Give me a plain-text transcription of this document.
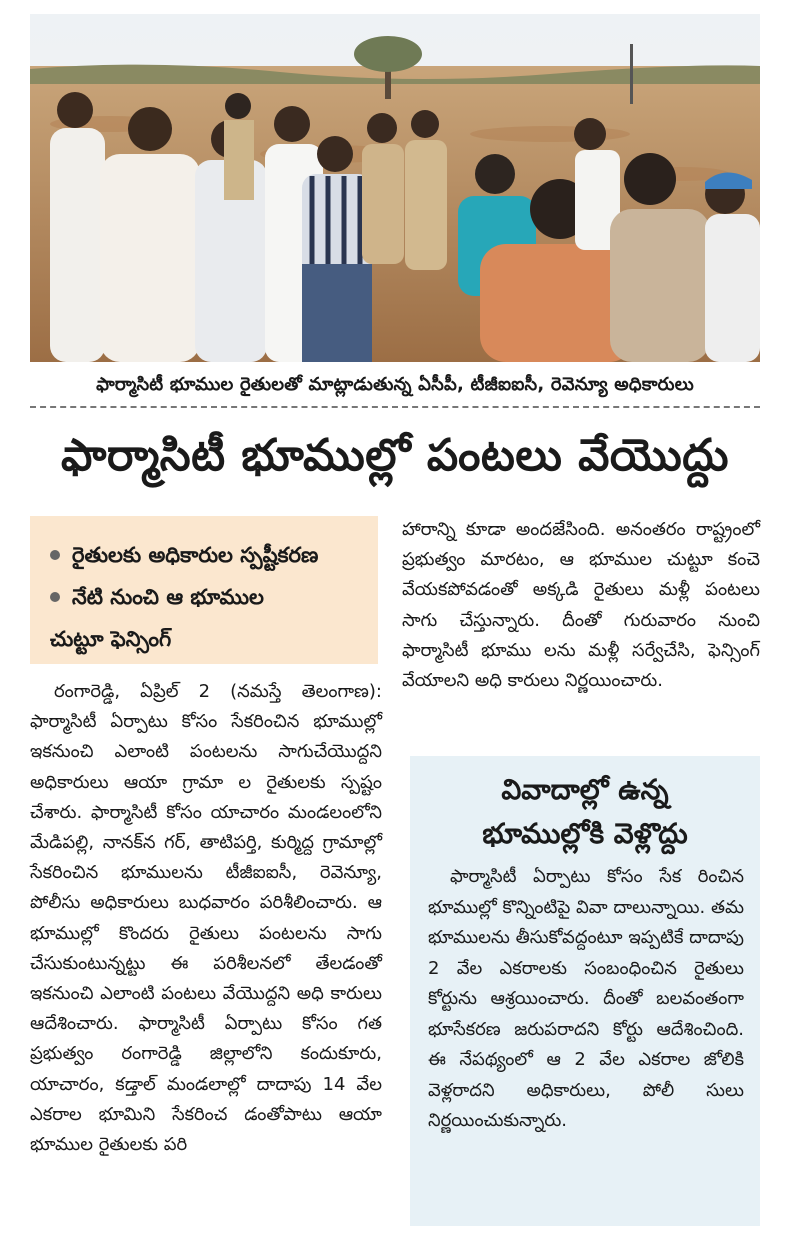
ఫార్మాసిటీ భూముల రైతులతో మాట్లాడుతున్న ఏసీపీ, టీజీఐఐసీ, రెవెన్యూ అధికారులు
ఫార్మాసిటీ భూముల్లో పంటలు వేయొద్దు
రైతులకు అధికారుల స్పష్టీకరణ
నేటి నుంచి ఆ భూముల
చుట్టూ ఫెన్సింగ్

రంగారెడ్డి, ఏప్రిల్ 2 (నమస్తే తెలంగాణ): ఫార్మాసిటీ ఏర్పాటు కోసం సేకరించిన భూముల్లో ఇకనుంచి ఎలాంటి పంటలను సాగుచేయొద్దని అధికారులు ఆయా గ్రామా ల రైతులకు స్పష్టం చేశారు. ఫార్మాసిటీ కోసం యాచారం మండలంలోని మేడిపల్లి, నానక్‌న గర్, తాటిపర్తి, కుర్మిద్ద గ్రామాల్లో సేకరించిన భూములను టీజీఐఐసీ, రెవెన్యూ, పోలీసు అధికారులు బుధవారం పరిశీలించారు. ఆ భూముల్లో కొందరు రైతులు పంటలను సాగు చేసుకుంటున్నట్టు ఈ పరిశీలనలో తేలడంతో ఇకనుంచి ఎలాంటి పంటలు వేయొద్దని అధి కారులు ఆదేశించారు. ఫార్మాసిటీ ఏర్పాటు కోసం గత ప్రభుత్వం రంగారెడ్డి జిల్లాలోని కందుకూరు, యాచారం, కడ్తాల్ మండలాల్లో దాదాపు 14 వేల ఎకరాల భూమిని సేకరించ డంతోపాటు ఆయా భూముల రైతులకు పరి

హారాన్ని కూడా అందజేసింది. అనంతరం రాష్ట్రంలో ప్రభుత్వం మారటం, ఆ భూముల చుట్టూ కంచె వేయకపోవడంతో అక్కడి రైతులు మళ్లీ పంటలు సాగు చేస్తున్నారు. దీంతో గురువారం నుంచి ఫార్మాసిటీ భూము లను మళ్లీ సర్వేచేసి, ఫెన్సింగ్ వేయాలని అధి కారులు నిర్ణయించారు.

వివాదాల్లో ఉన్న
భూముల్లోకి వెళ్లొద్దు

ఫార్మాసిటీ ఏర్పాటు కోసం సేక రించిన భూముల్లో కొన్నింటిపై వివా దాలున్నాయి. తమ భూములను తీసుకోవద్దంటూ ఇప్పటికే దాదాపు 2 వేల ఎకరాలకు సంబంధించిన రైతులు కోర్టును ఆశ్రయించారు. దీంతో బలవంతంగా భూసేకరణ జరుపరాదని కోర్టు ఆదేశించింది. ఈ నేపథ్యంలో ఆ 2 వేల ఎకరాల జోలికి వెళ్లరాదని అధికారులు, పోలీ సులు నిర్ణయించుకున్నారు.
